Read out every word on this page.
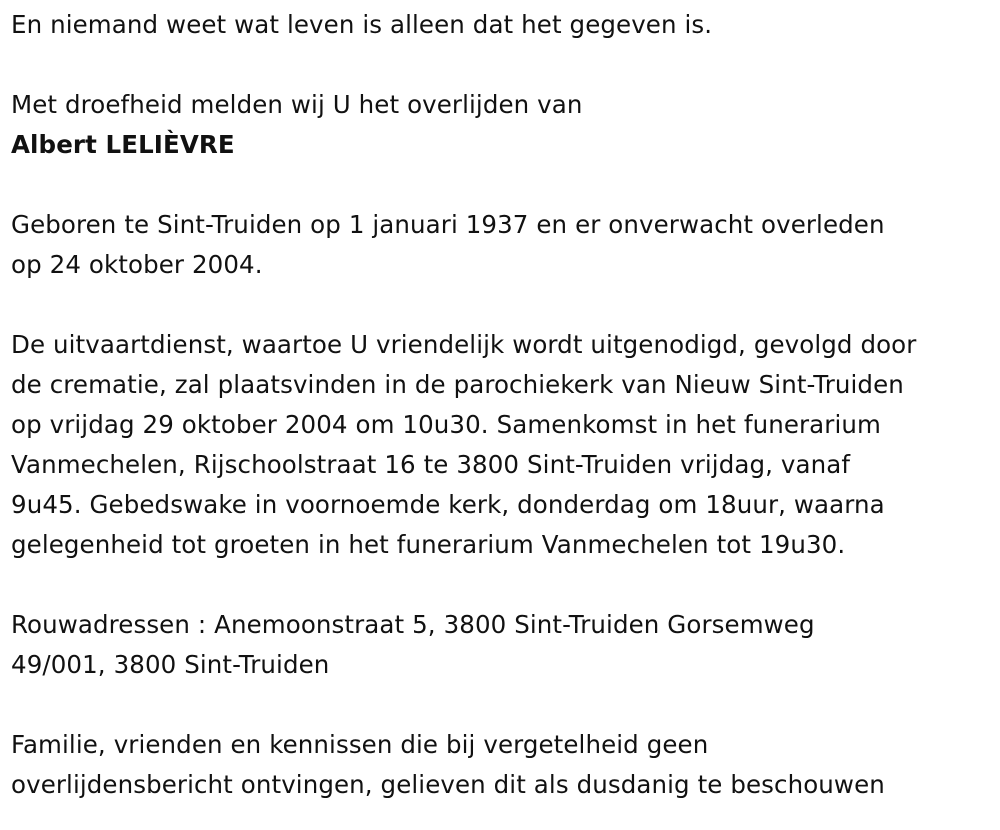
En niemand weet wat leven is alleen dat het gegeven is.
Met droefheid melden wij U het overlijden van
Albert LELIÈVRE
Geboren te Sint-Truiden op 1 januari 1937 en er onverwacht overleden
op 24 oktober 2004.
De uitvaartdienst, waartoe U vriendelijk wordt uitgenodigd, gevolgd door
de crematie, zal plaatsvinden in de parochiekerk van Nieuw Sint-Truiden
op vrijdag 29 oktober 2004 om 10u30. Samenkomst in het funerarium
Vanmechelen, Rijschoolstraat 16 te 3800 Sint-Truiden vrijdag, vanaf
9u45. Gebedswake in voornoemde kerk, donderdag om 18uur, waarna
gelegenheid tot groeten in het funerarium Vanmechelen tot 19u30.
Rouwadressen : Anemoonstraat 5, 3800 Sint-Truiden Gorsemweg
49/001, 3800 Sint-Truiden
Familie, vrienden en kennissen die bij vergetelheid geen
overlijdensbericht ontvingen, gelieven dit als dusdanig te beschouwen
